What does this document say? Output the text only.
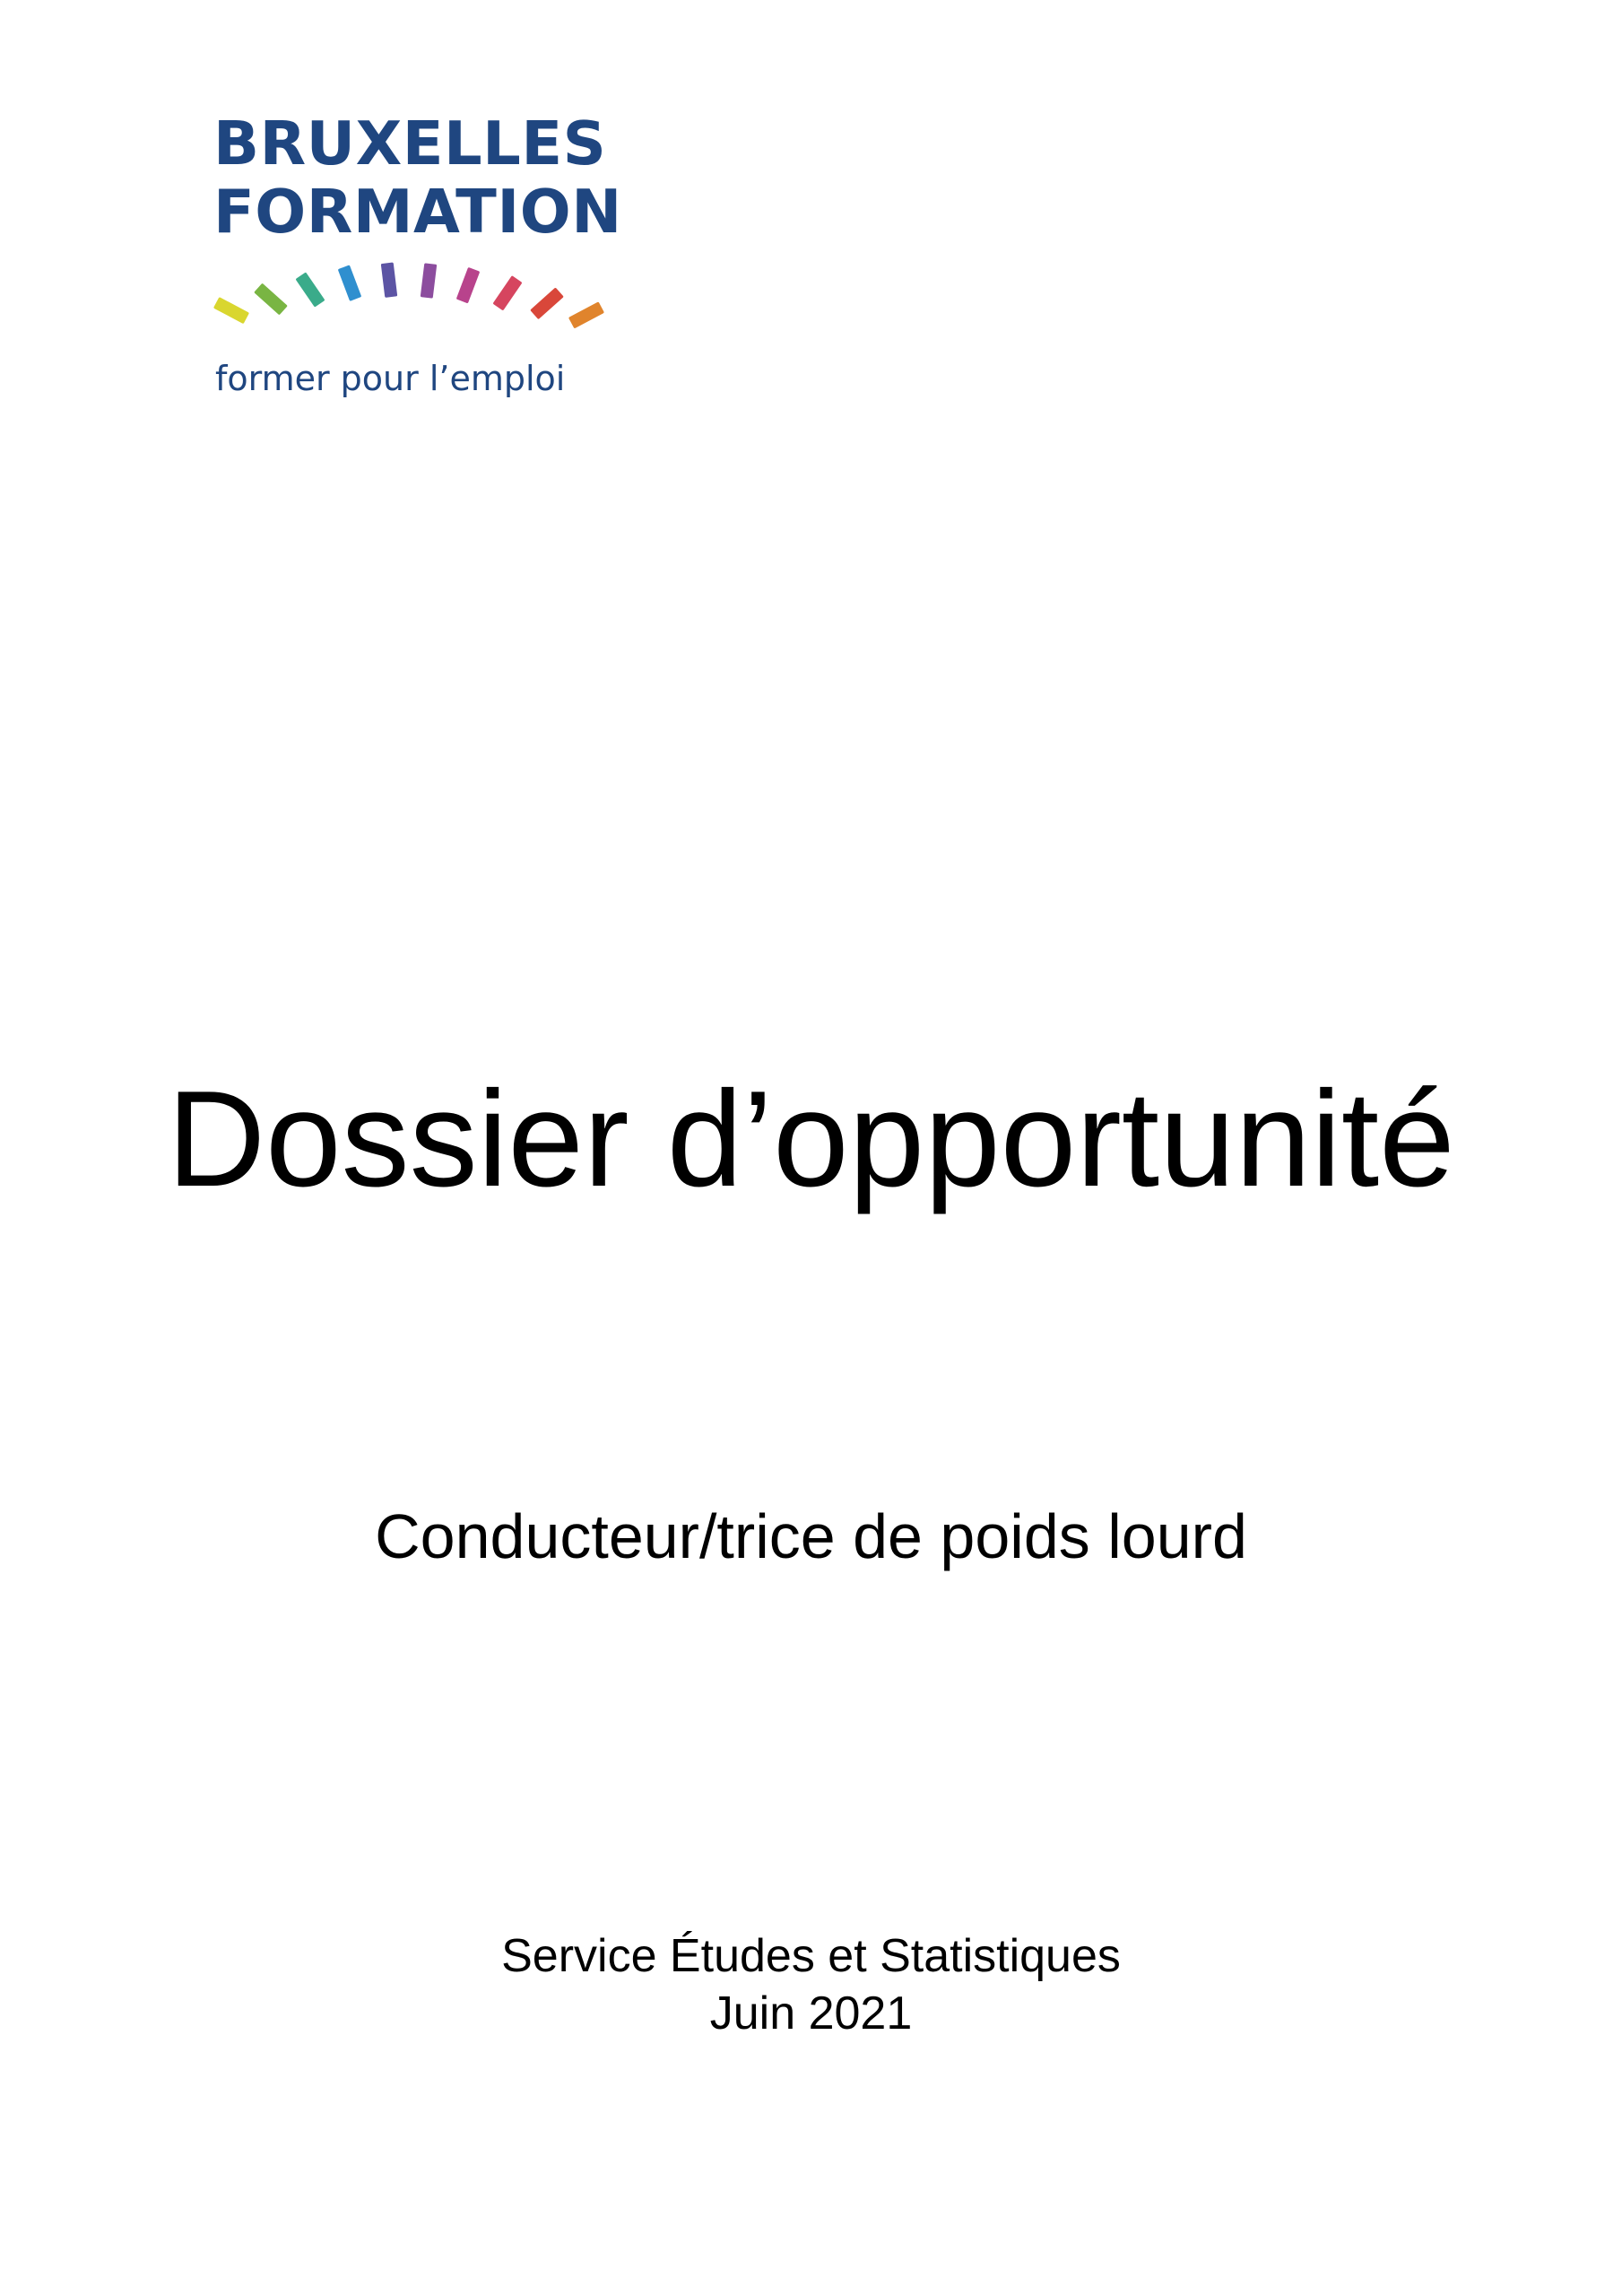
BRUXELLES
FORMATION
former pour l’emploi
Dossier d’opportunité
Conducteur/trice de poids lourd
Service Études et Statistiques
Juin 2021
